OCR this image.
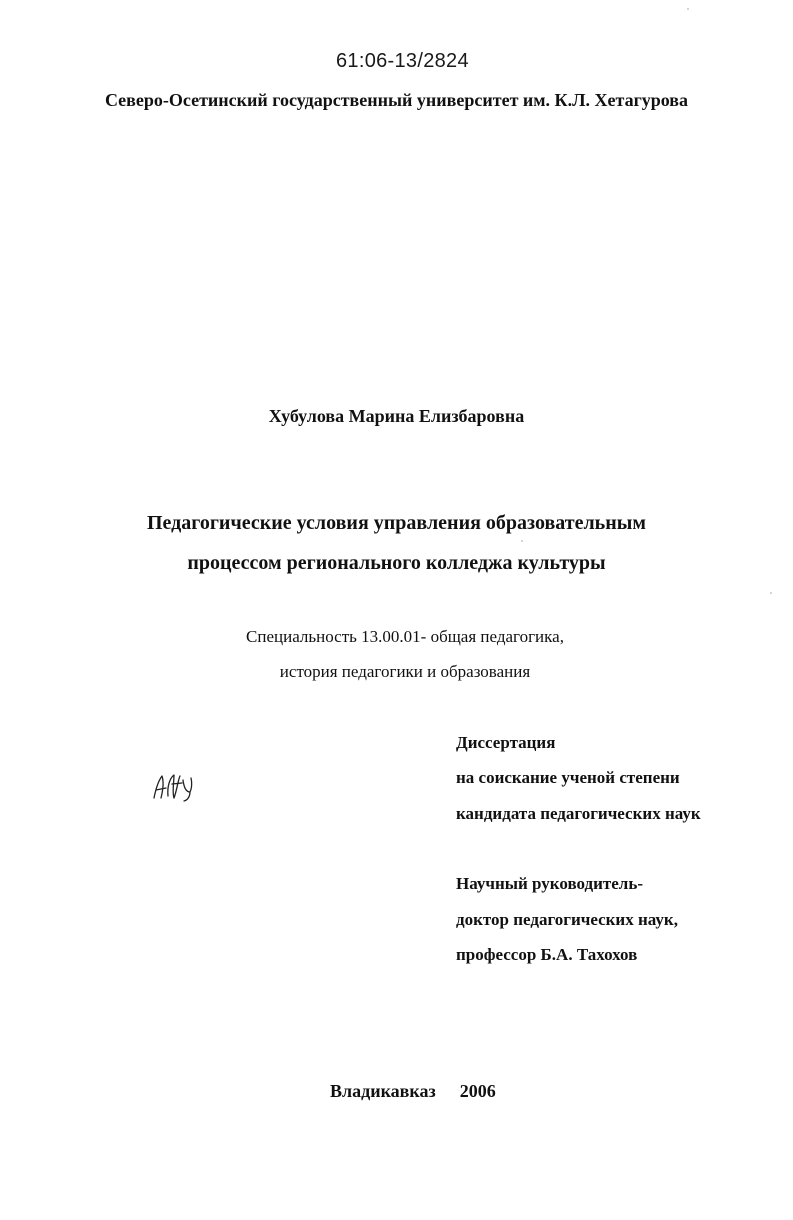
61:06-13/2824
Северо-Осетинский государственный университет им. К.Л. Хетагурова
Хубулова Марина Елизбаровна
Педагогические условия управления образовательным
процессом регионального колледжа культуры
Специальность 13.00.01- общая педагогика,
история педагогики и образования
Диссертация
на соискание ученой степени
кандидата педагогических наук
Научный руководитель-
доктор педагогических наук,
профессор Б.А. Тахохов
Владикавказ 2006
